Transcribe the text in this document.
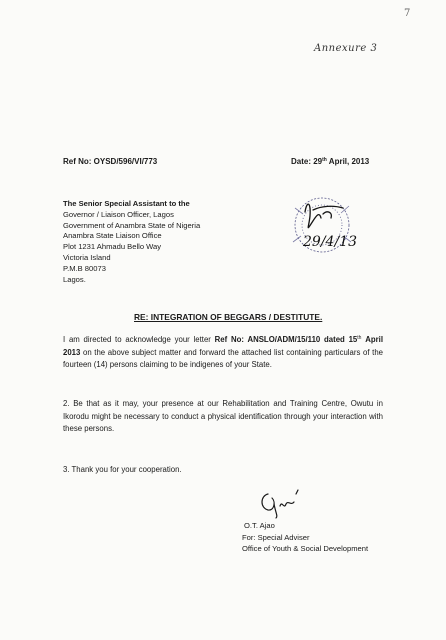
7
Annexure 3
Ref No: OYSD/596/VI/773	Date: 29th April, 2013
The Senior Special Assistant to the
Governor / Liaison Officer, Lagos
Government of Anambra State of Nigeria
Anambra State Liaison Office
Plot 1231 Ahmadu Bello Way
Victoria Island
P.M.B 80073
Lagos.
29/4/13
RE: INTEGRATION OF BEGGARS / DESTITUTE.
I am directed to acknowledge your letter Ref No: ANSLO/ADM/15/110 dated 15th April 2013 on the above subject matter and forward the attached list containing particulars of the fourteen (14) persons claiming to be indigenes of your State.
2. Be that as it may, your presence at our Rehabilitation and Training Centre, Owutu in Ikorodu might be necessary to conduct a physical identification through your interaction with these persons.
3. Thank you for your cooperation.
O.T. Ajao
For: Special Adviser
Office of Youth & Social Development
